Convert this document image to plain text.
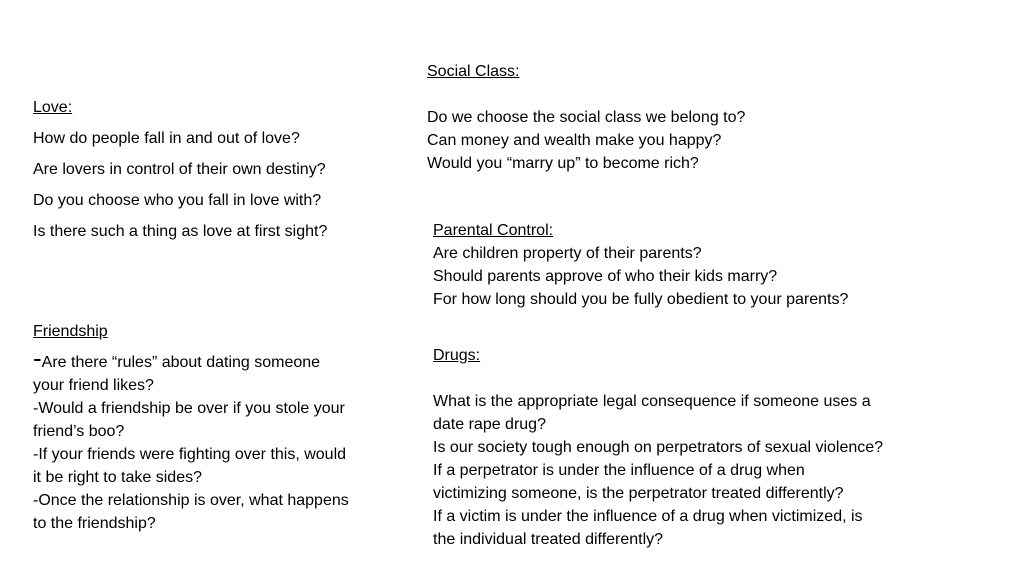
Love:
How do people fall in and out of love?
Are lovers in control of their own destiny?
Do you choose who you fall in love with?
Is there such a thing as love at first sight?
Friendship
-Are there “rules” about dating someone
your friend likes?
-Would a friendship be over if you stole your
friend’s boo?
-If your friends were fighting over this, would
it be right to take sides?
-Once the relationship is over, what happens
to the friendship?
Social Class:
Do we choose the social class we belong to?
Can money and wealth make you happy?
Would you “marry up” to become rich?
Parental Control:
Are children property of their parents?
Should parents approve of who their kids marry?
For how long should you be fully obedient to your parents?
Drugs:
What is the appropriate legal consequence if someone uses a
date rape drug?
Is our society tough enough on perpetrators of sexual violence?
If a perpetrator is under the influence of a drug when
victimizing someone, is the perpetrator treated differently?
If a victim is under the influence of a drug when victimized, is
the individual treated differently?
